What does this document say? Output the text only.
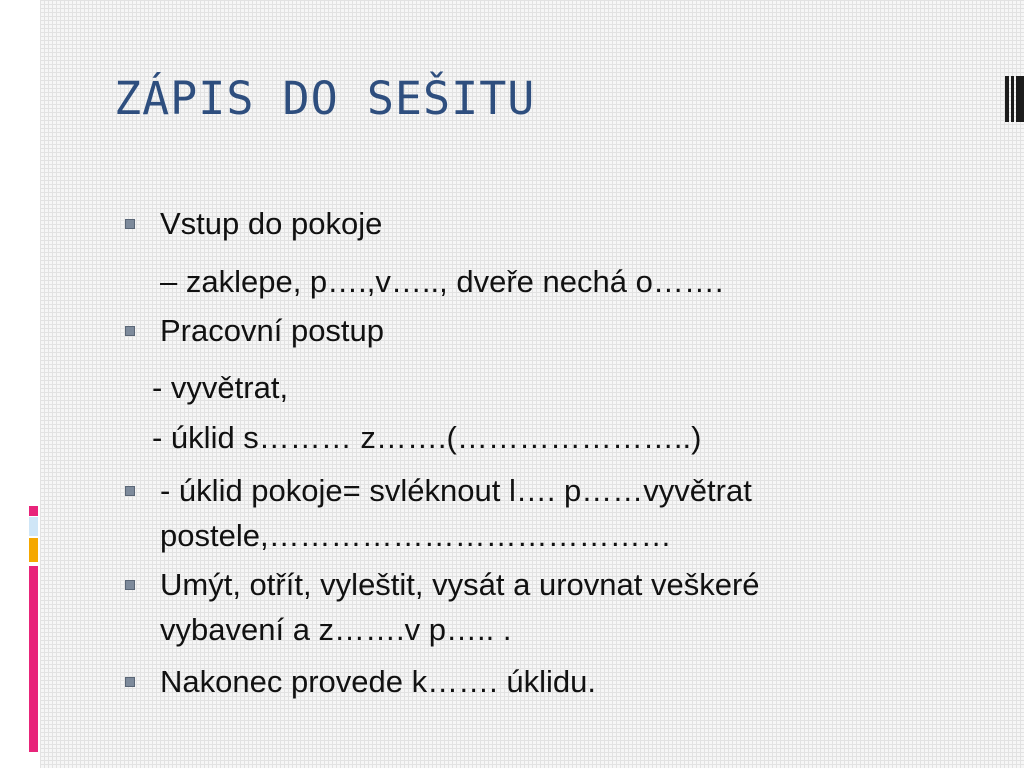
ZÁPIS DO SEŠITU

Vstup do pokoje

– zaklepe, p….,v….., dveře nechá o…….

Pracovní postup

- vyvětrat,

- úklid s……… z…….(…………………..)

- úklid pokoje= svléknout l…. p……vyvětrat

postele,…………………………………

Umýt, otřít, vyleštit, vysát a urovnat veškeré

vybavení a z…….v p….. .

Nakonec provede k……. úklidu.
